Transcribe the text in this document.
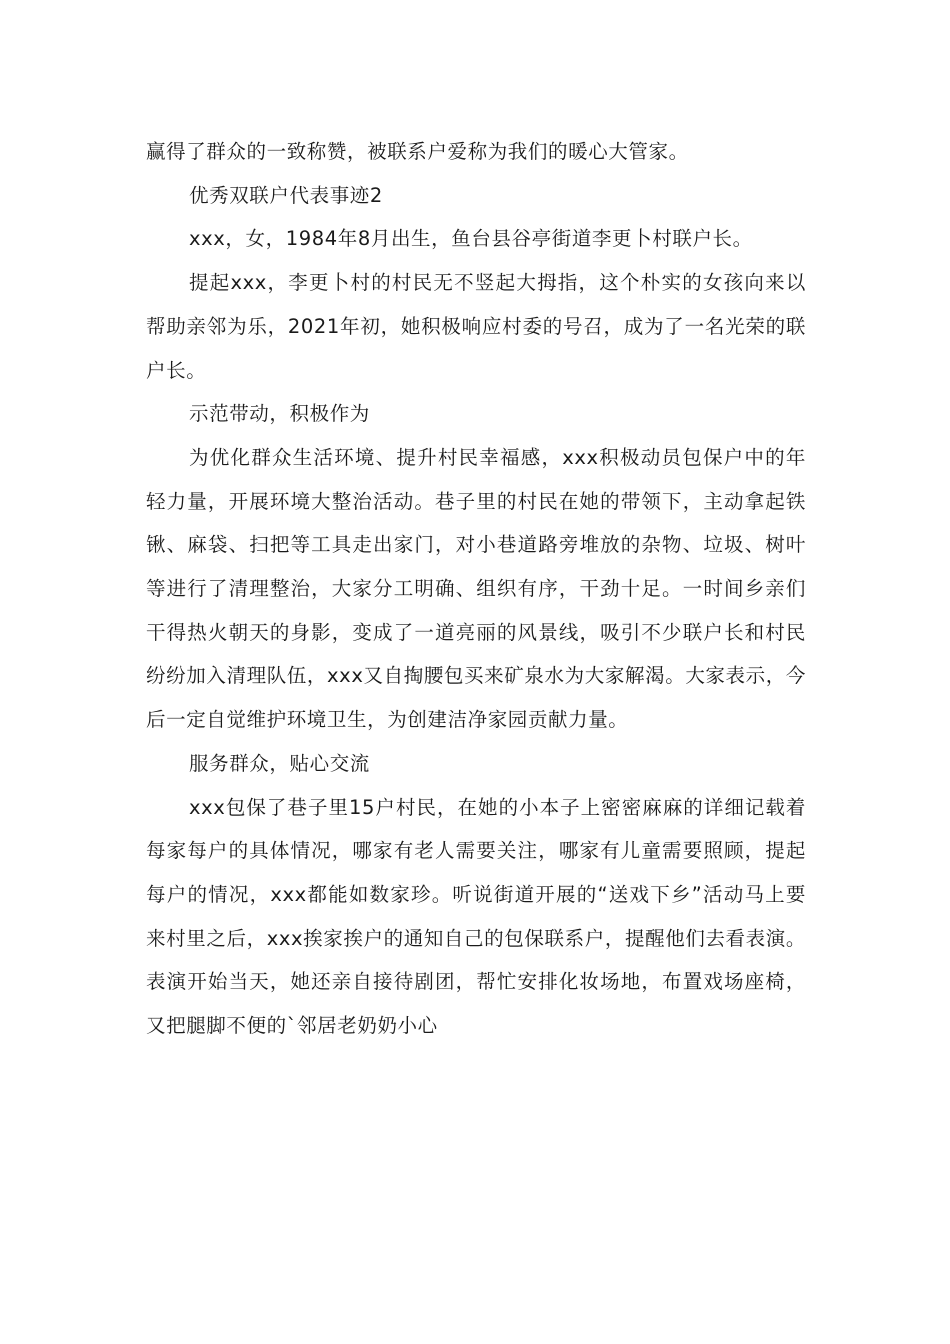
赢得了群众的一致称赞，被联系户爱称为我们的暖心大管家。

优秀双联户代表事迹2

xxx，女，1984年8月出生，鱼台县谷亭街道李更卜村联户长。

提起xxx，李更卜村的村民无不竖起大拇指，这个朴实的女孩向来以帮助亲邻为乐，2021年初，她积极响应村委的号召，成为了一名光荣的联户长。

示范带动，积极作为

为优化群众生活环境、提升村民幸福感，xxx积极动员包保户中的年轻力量，开展环境大整治活动。巷子里的村民在她的带领下，主动拿起铁锹、麻袋、扫把等工具走出家门，对小巷道路旁堆放的杂物、垃圾、树叶等进行了清理整治，大家分工明确、组织有序，干劲十足。一时间乡亲们干得热火朝天的身影，变成了一道亮丽的风景线，吸引不少联户长和村民纷纷加入清理队伍，xxx又自掏腰包买来矿泉水为大家解渴。大家表示，今后一定自觉维护环境卫生，为创建洁净家园贡献力量。

服务群众，贴心交流

xxx包保了巷子里15户村民，在她的小本子上密密麻麻的详细记载着每家每户的具体情况，哪家有老人需要关注，哪家有儿童需要照顾，提起每户的情况，xxx都能如数家珍。听说街道开展的“送戏下乡”活动马上要来村里之后，xxx挨家挨户的通知自己的包保联系户，提醒他们去看表演。表演开始当天，她还亲自接待剧团，帮忙安排化妆场地，布置戏场座椅，又把腿脚不便的`邻居老奶奶小心
